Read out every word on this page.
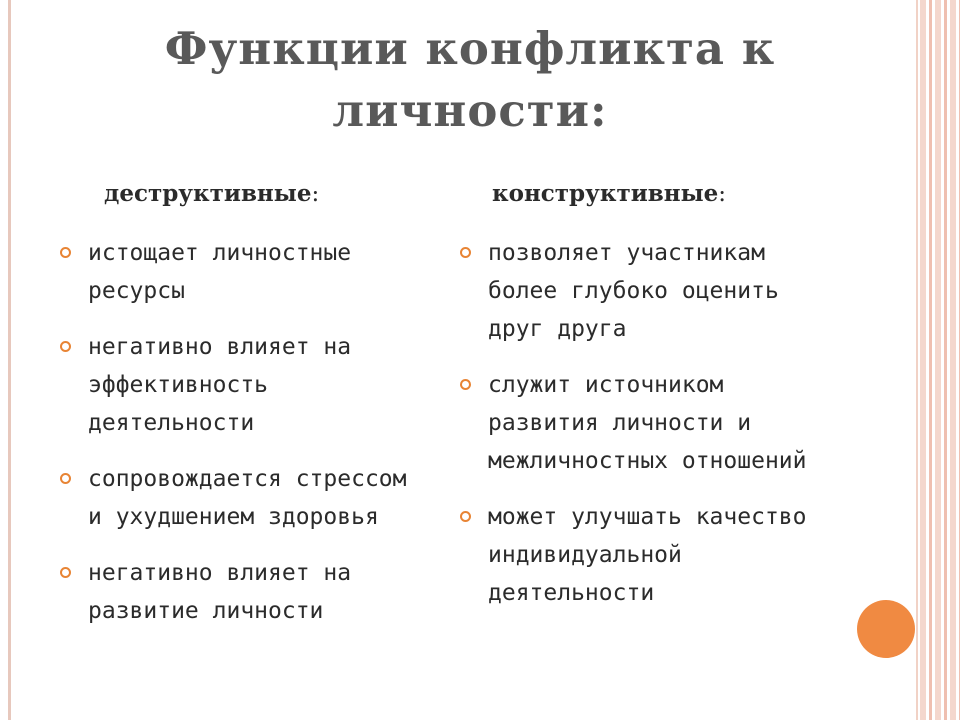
Функции конфликта к
личности:
деструктивные:	конструктивные:
истощает личностные ресурсы
негативно влияет на эффективность деятельности
сопровождается стрессом и ухудшением здоровья
негативно влияет на развитие личности
позволяет участникам более глубоко оценить друг друга
служит источником развития личности и межличностных отношений
может улучшать качество индивидуальной деятельности
